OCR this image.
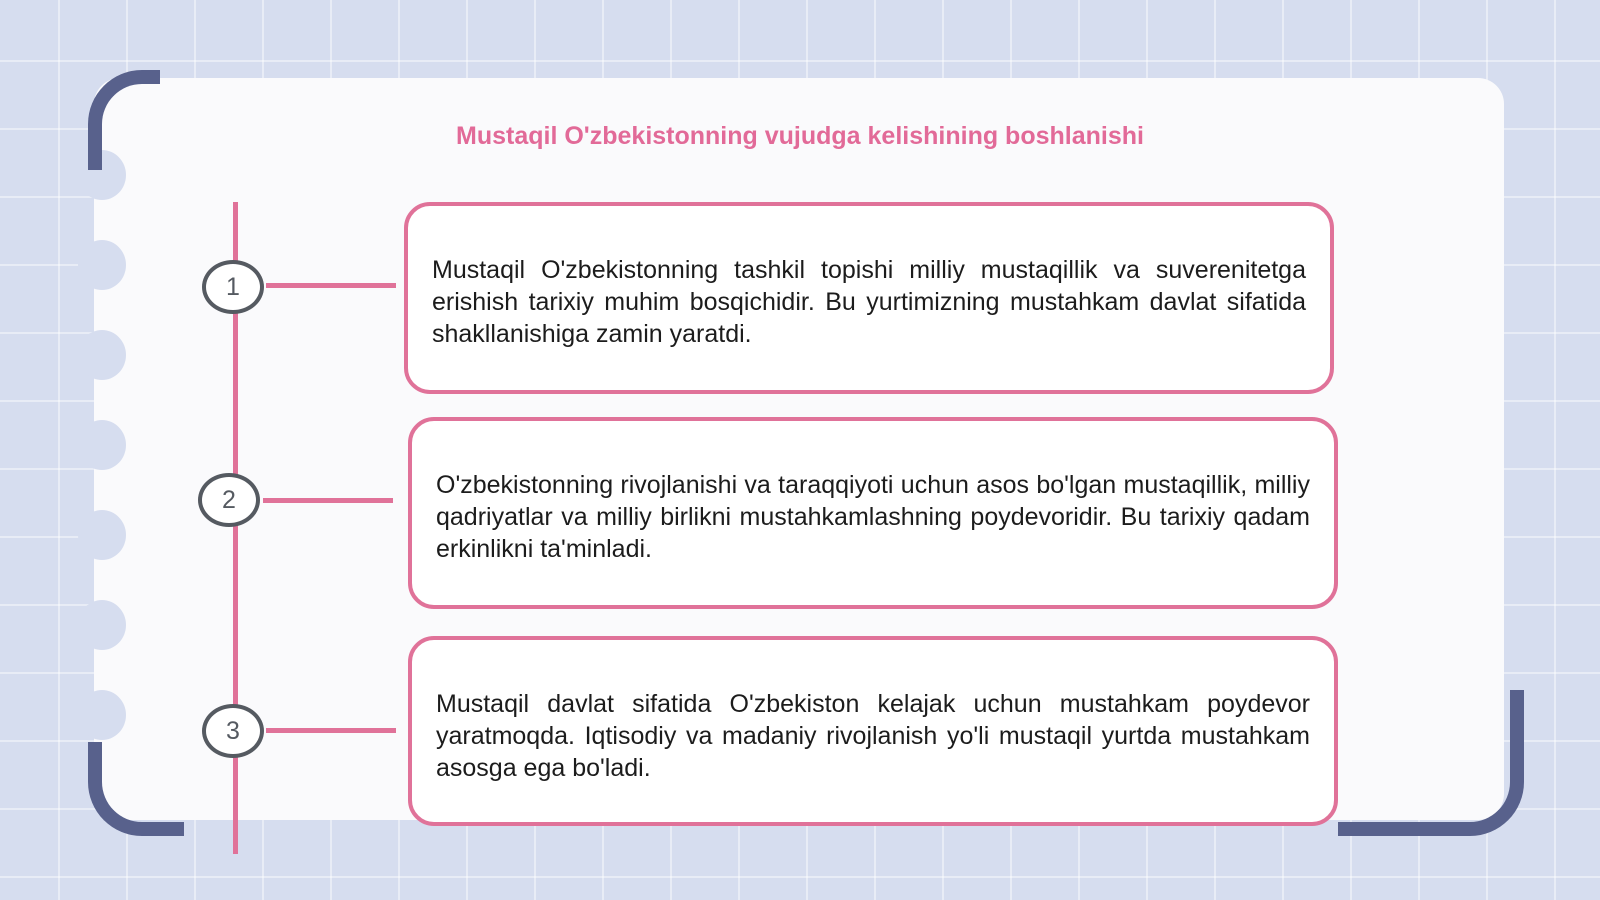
Mustaqil O'zbekistonning vujudga kelishining boshlanishi
1
2
3

Mustaqil O'zbekistonning tashkil topishi milliy mustaqillik va suverenitetga erishish tarixiy muhim bosqichidir. Bu yurtimizning mustahkam davlat sifatida shakllanishiga zamin yaratdi.

O'zbekistonning rivojlanishi va taraqqiyoti uchun asos bo'lgan mustaqillik, milliy qadriyatlar va milliy birlikni mustahkamlashning poydevoridir. Bu tarixiy qadam erkinlikni ta'minladi.

Mustaqil davlat sifatida O'zbekiston kelajak uchun mustahkam poydevor yaratmoqda. Iqtisodiy va madaniy rivojlanish yo'li mustaqil yurtda mustahkam asosga ega bo'ladi.
